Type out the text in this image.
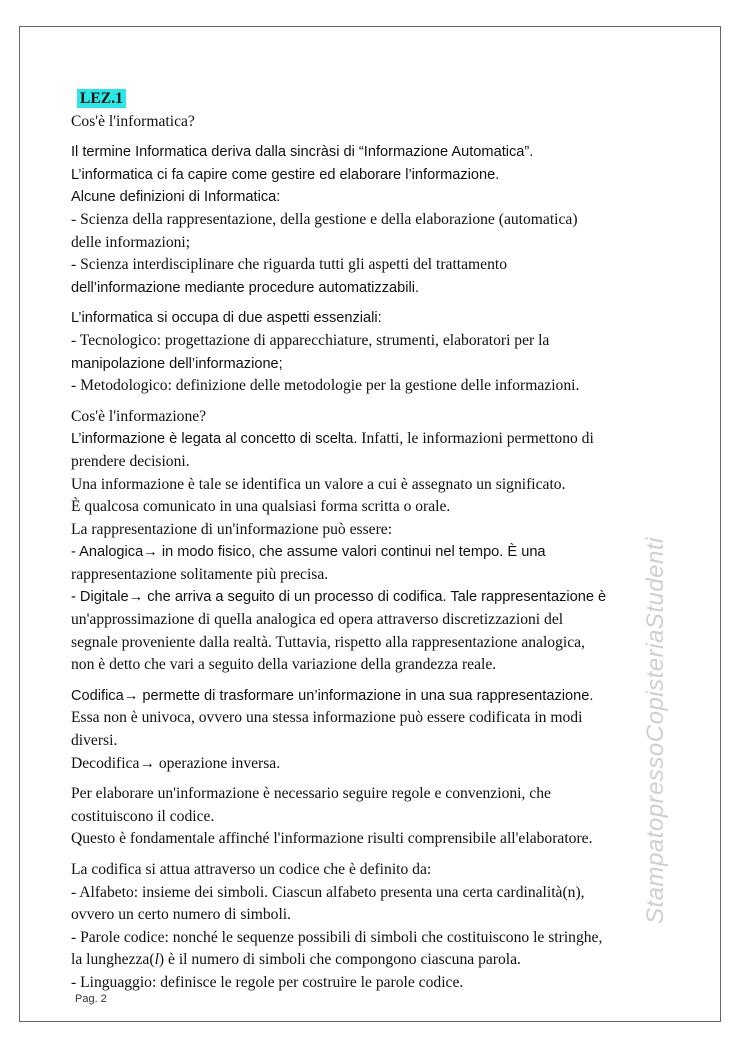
LEZ.1

Cos'è l'informatica?

Il termine Informatica deriva dalla sincràsi di “Informazione Automatica”.

L’informatica ci fa capire come gestire ed elaborare l’informazione.

Alcune definizioni di Informatica:

- Scienza della rappresentazione, della gestione e della elaborazione (automatica)

delle informazioni;

- Scienza interdisciplinare che riguarda tutti gli aspetti del trattamento

dell’informazione mediante procedure automatizzabili.

L’informatica si occupa di due aspetti essenziali:

- Tecnologico: progettazione di apparecchiature, strumenti, elaboratori per la

manipolazione dell’informazione;

- Metodologico: definizione delle metodologie per la gestione delle informazioni.

Cos'è l'informazione?

L’informazione è legata al concetto di scelta. Infatti, le informazioni permettono di

prendere decisioni.

Una informazione è tale se identifica un valore a cui è assegnato un significato.

È qualcosa comunicato in una qualsiasi forma scritta o orale.

La rappresentazione di un'informazione può essere:

- Analogica→ in modo fisico, che assume valori continui nel tempo. È una

rappresentazione solitamente più precisa.

- Digitale→ che arriva a seguito di un processo di codifica. Tale rappresentazione è

un'approssimazione di quella analogica ed opera attraverso discretizzazioni del

segnale proveniente dalla realtà. Tuttavia, rispetto alla rappresentazione analogica,

non è detto che vari a seguito della variazione della grandezza reale.

Codifica→ permette di trasformare un’informazione in una sua rappresentazione.

Essa non è univoca, ovvero una stessa informazione può essere codificata in modi

diversi.

Decodifica→ operazione inversa.

Per elaborare un'informazione è necessario seguire regole e convenzioni, che

costituiscono il codice.

Questo è fondamentale affinché l'informazione risulti comprensibile all'elaboratore.

La codifica si attua attraverso un codice che è definito da:

- Alfabeto: insieme dei simboli. Ciascun alfabeto presenta una certa cardinalità(n),

ovvero un certo numero di simboli.

- Parole codice: nonché le sequenze possibili di simboli che costituiscono le stringhe,

la lunghezza(l) è il numero di simboli che compongono ciascuna parola.

- Linguaggio: definisce le regole per costruire le parole codice.

StampatopressoCopisteriaStudenti
Pag. 2
